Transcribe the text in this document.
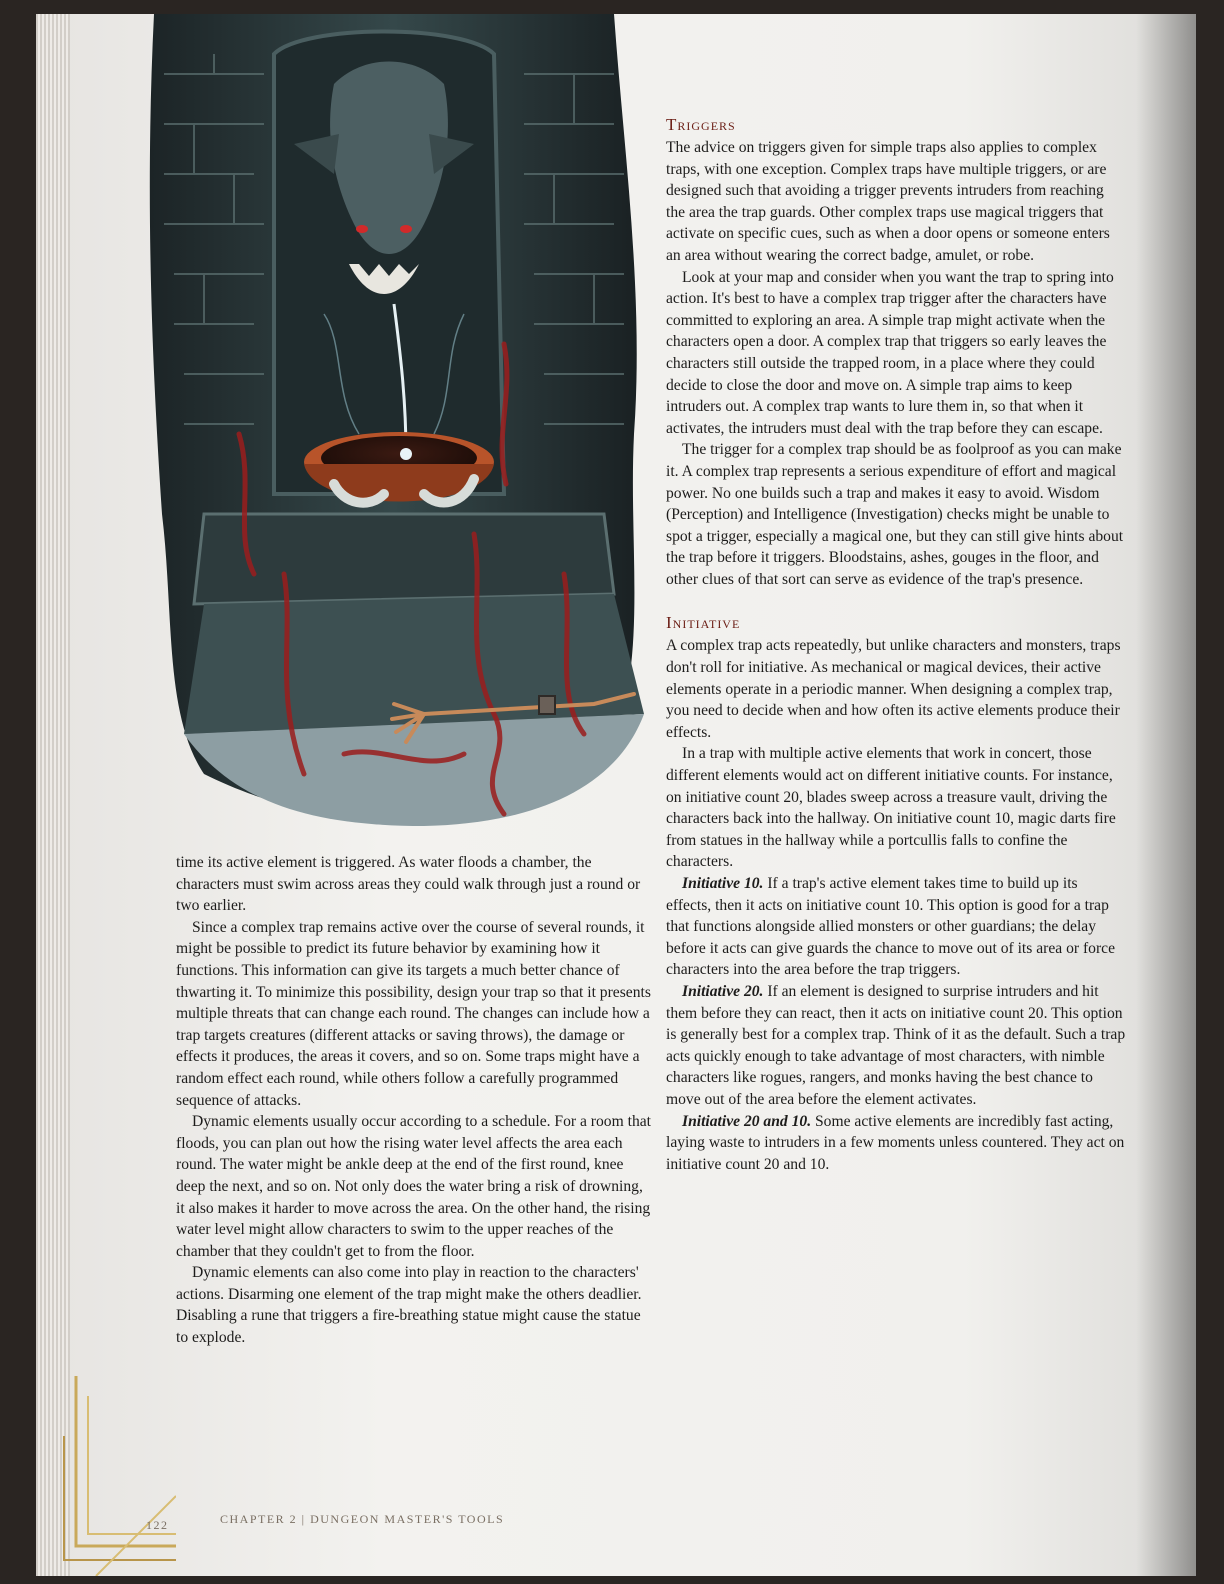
time its active element is triggered. As water floods a chamber, the characters must swim across areas they could walk through just a round or two earlier.

Since a complex trap remains active over the course of several rounds, it might be possible to predict its future behavior by examining how it functions. This information can give its targets a much better chance of thwarting it. To minimize this possibility, design your trap so that it presents multiple threats that can change each round. The changes can include how a trap targets creatures (different attacks or saving throws), the damage or effects it produces, the areas it covers, and so on. Some traps might have a random effect each round, while others follow a carefully programmed sequence of attacks.

Dynamic elements usually occur according to a schedule. For a room that floods, you can plan out how the rising water level affects the area each round. The water might be ankle deep at the end of the first round, knee deep the next, and so on. Not only does the water bring a risk of drowning, it also makes it harder to move across the area. On the other hand, the rising water level might allow characters to swim to the upper reaches of the chamber that they couldn't get to from the floor.

Dynamic elements can also come into play in reaction to the characters' actions. Disarming one element of the trap might make the others deadlier. Disabling a rune that triggers a fire-breathing statue might cause the statue to explode.

Triggers

The advice on triggers given for simple traps also applies to complex traps, with one exception. Complex traps have multiple triggers, or are designed such that avoiding a trigger prevents intruders from reaching the area the trap guards. Other complex traps use magical triggers that activate on specific cues, such as when a door opens or someone enters an area without wearing the correct badge, amulet, or robe.

Look at your map and consider when you want the trap to spring into action. It's best to have a complex trap trigger after the characters have committed to exploring an area. A simple trap might activate when the characters open a door. A complex trap that triggers so early leaves the characters still outside the trapped room, in a place where they could decide to close the door and move on. A simple trap aims to keep intruders out. A complex trap wants to lure them in, so that when it activates, the intruders must deal with the trap before they can escape.

The trigger for a complex trap should be as foolproof as you can make it. A complex trap represents a serious expenditure of effort and magical power. No one builds such a trap and makes it easy to avoid. Wisdom (Perception) and Intelligence (Investigation) checks might be unable to spot a trigger, especially a magical one, but they can still give hints about the trap before it triggers. Bloodstains, ashes, gouges in the floor, and other clues of that sort can serve as evidence of the trap's presence.

Initiative

A complex trap acts repeatedly, but unlike characters and monsters, traps don't roll for initiative. As mechanical or magical devices, their active elements operate in a periodic manner. When designing a complex trap, you need to decide when and how often its active elements produce their effects.

In a trap with multiple active elements that work in concert, those different elements would act on different initiative counts. For instance, on initiative count 20, blades sweep across a treasure vault, driving the characters back into the hallway. On initiative count 10, magic darts fire from statues in the hallway while a portcullis falls to confine the characters.

Initiative 10. If a trap's active element takes time to build up its effects, then it acts on initiative count 10. This option is good for a trap that functions alongside allied monsters or other guardians; the delay before it acts can give guards the chance to move out of its area or force characters into the area before the trap triggers.

Initiative 20. If an element is designed to surprise intruders and hit them before they can react, then it acts on initiative count 20. This option is generally best for a complex trap. Think of it as the default. Such a trap acts quickly enough to take advantage of most characters, with nimble characters like rogues, rangers, and monks having the best chance to move out of the area before the element activates.

Initiative 20 and 10. Some active elements are incredibly fast acting, laying waste to intruders in a few moments unless countered. They act on initiative count 20 and 10.

122	CHAPTER 2 | DUNGEON MASTER'S TOOLS
